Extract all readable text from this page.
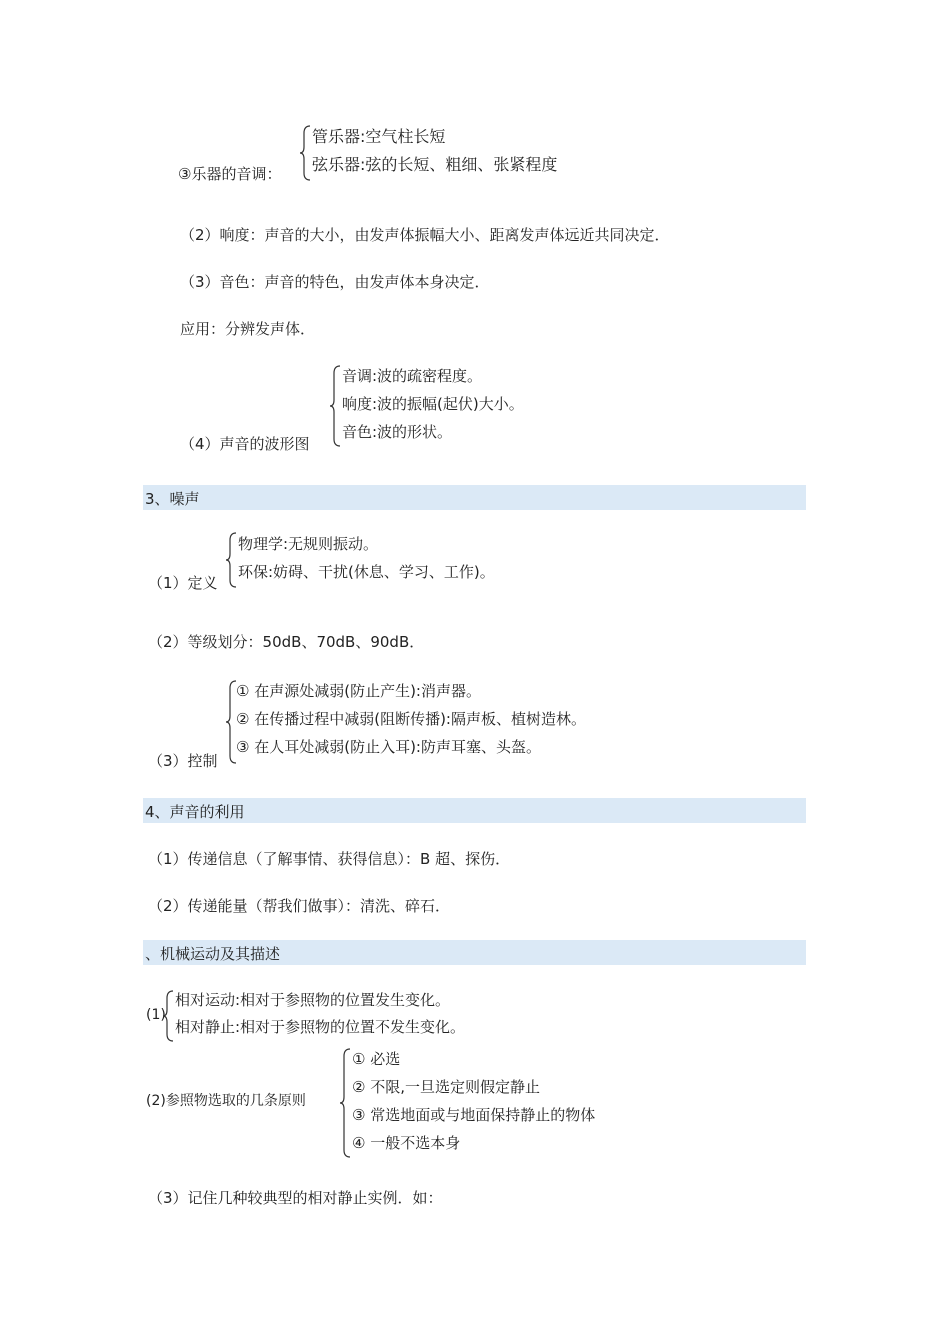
③乐器的音调：
管乐器:空气柱长短
弦乐器:弦的长短、粗细、张紧程度
（2）响度：声音的大小，由发声体振幅大小、距离发声体远近共同决定．
（3）音色：声音的特色，由发声体本身决定．
应用：分辨发声体．
（4）声音的波形图
音调:波的疏密程度。
响度:波的振幅(起伏)大小。
音色:波的形状。
3、噪声
（1）定义
物理学:无规则振动。
环保:妨碍、干扰(休息、学习、工作)。
（2）等级划分：50dB、70dB、90dB．
（3）控制
① 在声源处减弱(防止产生):消声器。
② 在传播过程中减弱(阻断传播):隔声板、植树造林。
③ 在人耳处减弱(防止入耳):防声耳塞、头盔。
4、声音的利用
（1）传递信息（了解事情、获得信息）：B 超、探伤．
（2）传递能量（帮我们做事）：清洗、碎石．
、机械运动及其描述
(1)
相对运动:相对于参照物的位置发生变化。
相对静止:相对于参照物的位置不发生变化。
(2)参照物选取的几条原则
① 必选
② 不限,一旦选定则假定静止
③ 常选地面或与地面保持静止的物体
④ 一般不选本身
（3）记住几种较典型的相对静止实例．如：
